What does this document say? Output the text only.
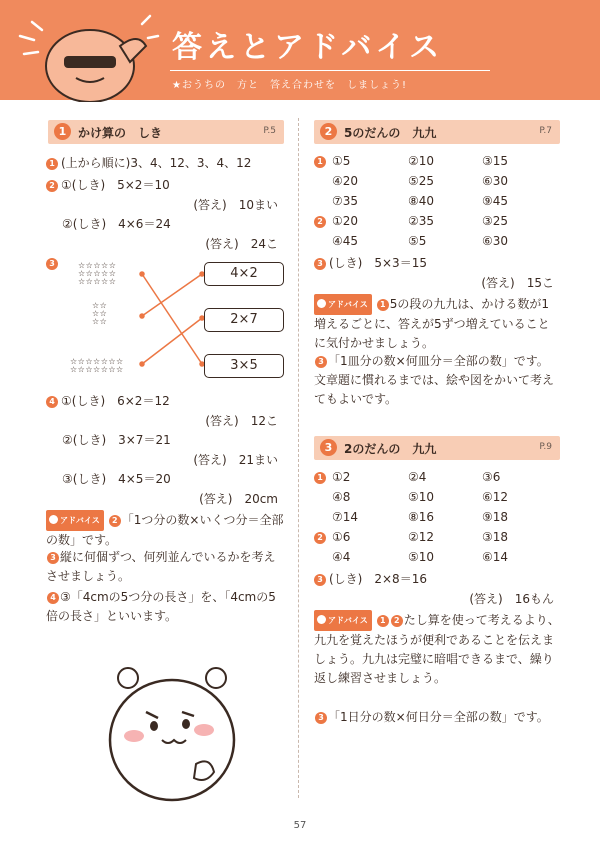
答えとアドバイス
★おうちの　方と　答え合わせを　しましょう!
1 かけ算の　しき	P.5
1 (上から順に)3、4、12、3、4、12
2 ①(しき)　5×2＝10
(答え)　10まい
②(しき)　4×6＝24
(答え)　24こ
3	☆☆☆☆☆
☆☆☆☆☆
☆☆☆☆☆
☆☆
☆☆
☆☆
☆☆☆☆☆☆☆
☆☆☆☆☆☆☆
4×2
2×7
3×5
4 ①(しき)　6×2＝12
(答え)　12こ
②(しき)　3×7＝21
(答え)　21まい
③(しき)　4×5＝20
(答え)　20cm
アドバイス 2 「1つ分の数×いくつ分＝全部の数」です。
3 縦に何個ずつ、何列並んでいるかを考えさせましょう。
4 ③「4cmの5つ分の長さ」を、「4cmの5倍の長さ」といいます。
2 5のだんの　九九	P.7
1 ①5	②10	③15
④20	⑤25	⑥30
⑦35	⑧40	⑨45
2 ①20	②35	③25
④45	⑤5	⑥30
3 (しき)　5×3＝15
(答え)　15こ
アドバイス 1 5の段の九九は、かける数が1増えるごとに、答えが5ずつ増えていることに気付かせましょう。
3 「1皿分の数×何皿分＝全部の数」です。文章題に慣れるまでは、絵や図をかいて考えてもよいです。
3 2のだんの　九九	P.9
1 ①2	②4	③6
④8	⑤10	⑥12
⑦14	⑧16	⑨18
2 ①6	②12	③18
④4	⑤10	⑥14
3 (しき)　2×8＝16
(答え)　16もん
アドバイス 1 2 たし算を使って考えるより、九九を覚えたほうが便利であることを伝えましょう。九九は完璧に暗唱できるまで、繰り返し練習させましょう。
3 「1日分の数×何日分＝全部の数」です。
57
